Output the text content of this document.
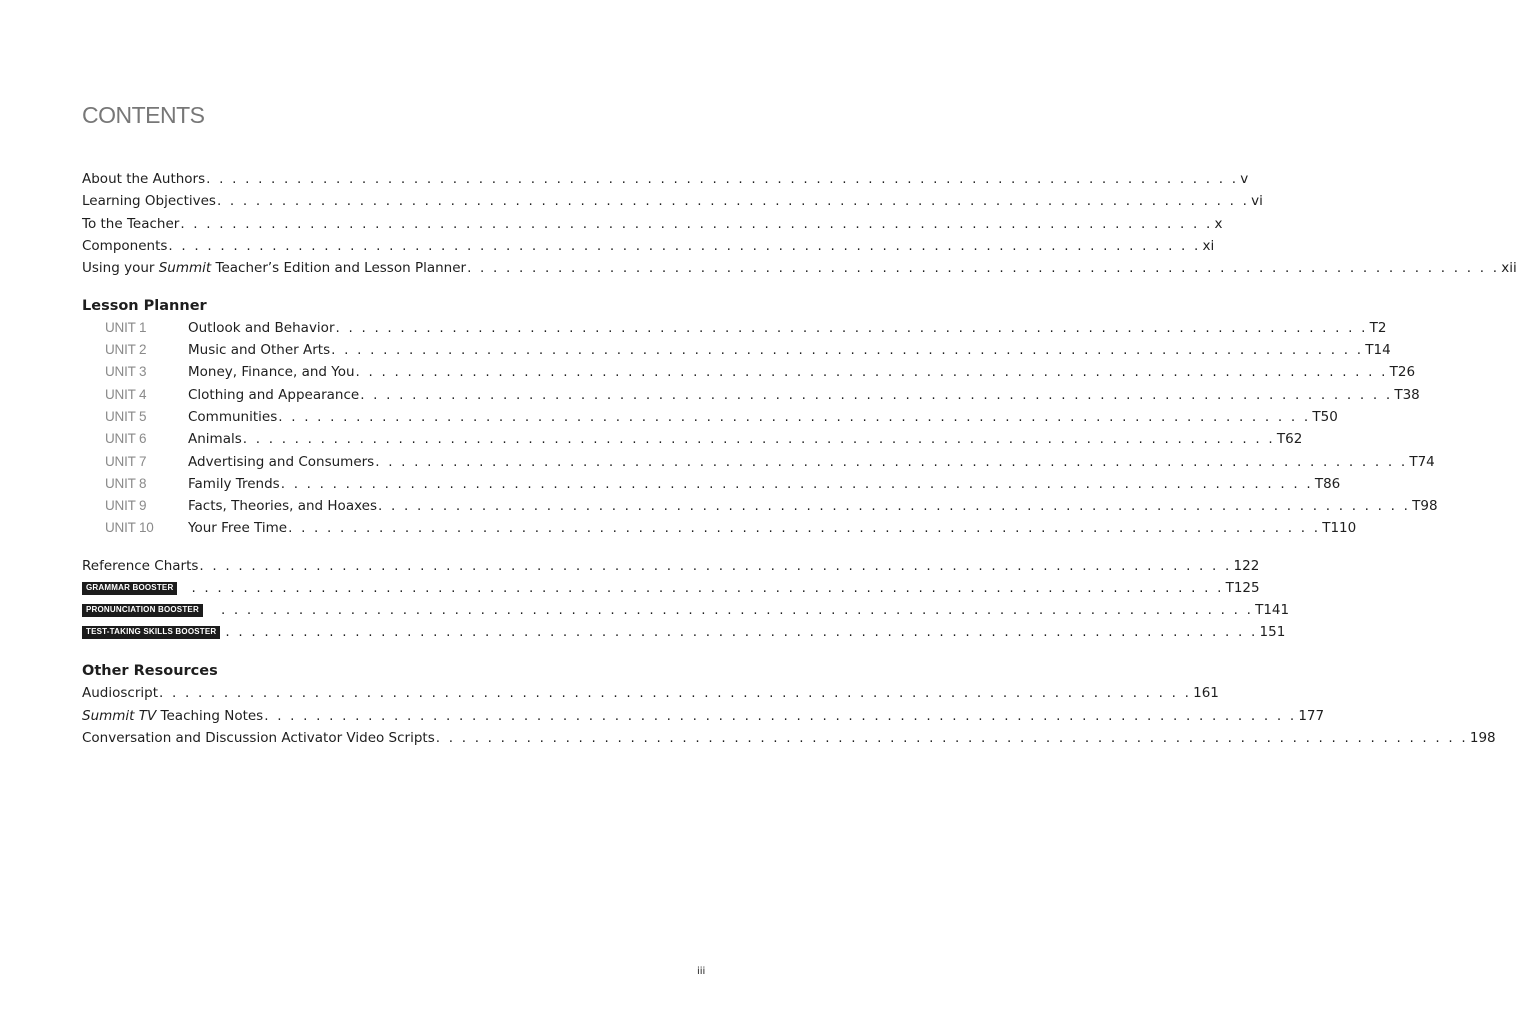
CONTENTS
About the Authors . . . . . . . . . . . . . . . . . . . . . . . . . . . . . . . . . . . . . . . . . . . . . . . . . . . . . . . . . . . . . . . . . . . . . . . . . . . . . . . . v
Learning Objectives . . . . . . . . . . . . . . . . . . . . . . . . . . . . . . . . . . . . . . . . . . . . . . . . . . . . . . . . . . . . . . . . . . . . . . . . . . . . . . . . vi
To the Teacher . . . . . . . . . . . . . . . . . . . . . . . . . . . . . . . . . . . . . . . . . . . . . . . . . . . . . . . . . . . . . . . . . . . . . . . . . . . . . . . . x
Components . . . . . . . . . . . . . . . . . . . . . . . . . . . . . . . . . . . . . . . . . . . . . . . . . . . . . . . . . . . . . . . . . . . . . . . . . . . . . . . . xi
Using your Summit Teacher’s Edition and Lesson Planner . . . . . . . . . . . . . . . . . . . . . . . . . . . . . . . . . . . . . . . . . . . . . . . . . . . . . . . . . . . . . . . . . . . . . . . . . . . . . . . . xii
Lesson Planner
UNIT 1	Outlook and Behavior . . . . . . . . . . . . . . . . . . . . . . . . . . . . . . . . . . . . . . . . . . . . . . . . . . . . . . . . . . . . . . . . . . . . . . . . . . . . . . . . T2
UNIT 2	Music and Other Arts . . . . . . . . . . . . . . . . . . . . . . . . . . . . . . . . . . . . . . . . . . . . . . . . . . . . . . . . . . . . . . . . . . . . . . . . . . . . . . . . T14
UNIT 3	Money, Finance, and You . . . . . . . . . . . . . . . . . . . . . . . . . . . . . . . . . . . . . . . . . . . . . . . . . . . . . . . . . . . . . . . . . . . . . . . . . . . . . . . . T26
UNIT 4	Clothing and Appearance . . . . . . . . . . . . . . . . . . . . . . . . . . . . . . . . . . . . . . . . . . . . . . . . . . . . . . . . . . . . . . . . . . . . . . . . . . . . . . . . T38
UNIT 5	Communities . . . . . . . . . . . . . . . . . . . . . . . . . . . . . . . . . . . . . . . . . . . . . . . . . . . . . . . . . . . . . . . . . . . . . . . . . . . . . . . . T50
UNIT 6	Animals . . . . . . . . . . . . . . . . . . . . . . . . . . . . . . . . . . . . . . . . . . . . . . . . . . . . . . . . . . . . . . . . . . . . . . . . . . . . . . . . T62
UNIT 7	Advertising and Consumers . . . . . . . . . . . . . . . . . . . . . . . . . . . . . . . . . . . . . . . . . . . . . . . . . . . . . . . . . . . . . . . . . . . . . . . . . . . . . . . . T74
UNIT 8	Family Trends . . . . . . . . . . . . . . . . . . . . . . . . . . . . . . . . . . . . . . . . . . . . . . . . . . . . . . . . . . . . . . . . . . . . . . . . . . . . . . . . T86
UNIT 9	Facts, Theories, and Hoaxes . . . . . . . . . . . . . . . . . . . . . . . . . . . . . . . . . . . . . . . . . . . . . . . . . . . . . . . . . . . . . . . . . . . . . . . . . . . . . . . . T98
UNIT 10	Your Free Time . . . . . . . . . . . . . . . . . . . . . . . . . . . . . . . . . . . . . . . . . . . . . . . . . . . . . . . . . . . . . . . . . . . . . . . . . . . . . . . . T110
Reference Charts . . . . . . . . . . . . . . . . . . . . . . . . . . . . . . . . . . . . . . . . . . . . . . . . . . . . . . . . . . . . . . . . . . . . . . . . . . . . . . . . 122
GRAMMAR BOOSTER . . . . . . . . . . . . . . . . . . . . . . . . . . . . . . . . . . . . . . . . . . . . . . . . . . . . . . . . . . . . . . . . . . . . . . . . . . . . . . . . T125
PRONUNCIATION BOOSTER . . . . . . . . . . . . . . . . . . . . . . . . . . . . . . . . . . . . . . . . . . . . . . . . . . . . . . . . . . . . . . . . . . . . . . . . . . . . . . . . T141
TEST-TAKING SKILLS BOOSTER . . . . . . . . . . . . . . . . . . . . . . . . . . . . . . . . . . . . . . . . . . . . . . . . . . . . . . . . . . . . . . . . . . . . . . . . . . . . . . . . 151
Other Resources
Audioscript . . . . . . . . . . . . . . . . . . . . . . . . . . . . . . . . . . . . . . . . . . . . . . . . . . . . . . . . . . . . . . . . . . . . . . . . . . . . . . . . 161
Summit TV Teaching Notes . . . . . . . . . . . . . . . . . . . . . . . . . . . . . . . . . . . . . . . . . . . . . . . . . . . . . . . . . . . . . . . . . . . . . . . . . . . . . . . . 177
Conversation and Discussion Activator Video Scripts . . . . . . . . . . . . . . . . . . . . . . . . . . . . . . . . . . . . . . . . . . . . . . . . . . . . . . . . . . . . . . . . . . . . . . . . . . . . . . . . 198
iii
